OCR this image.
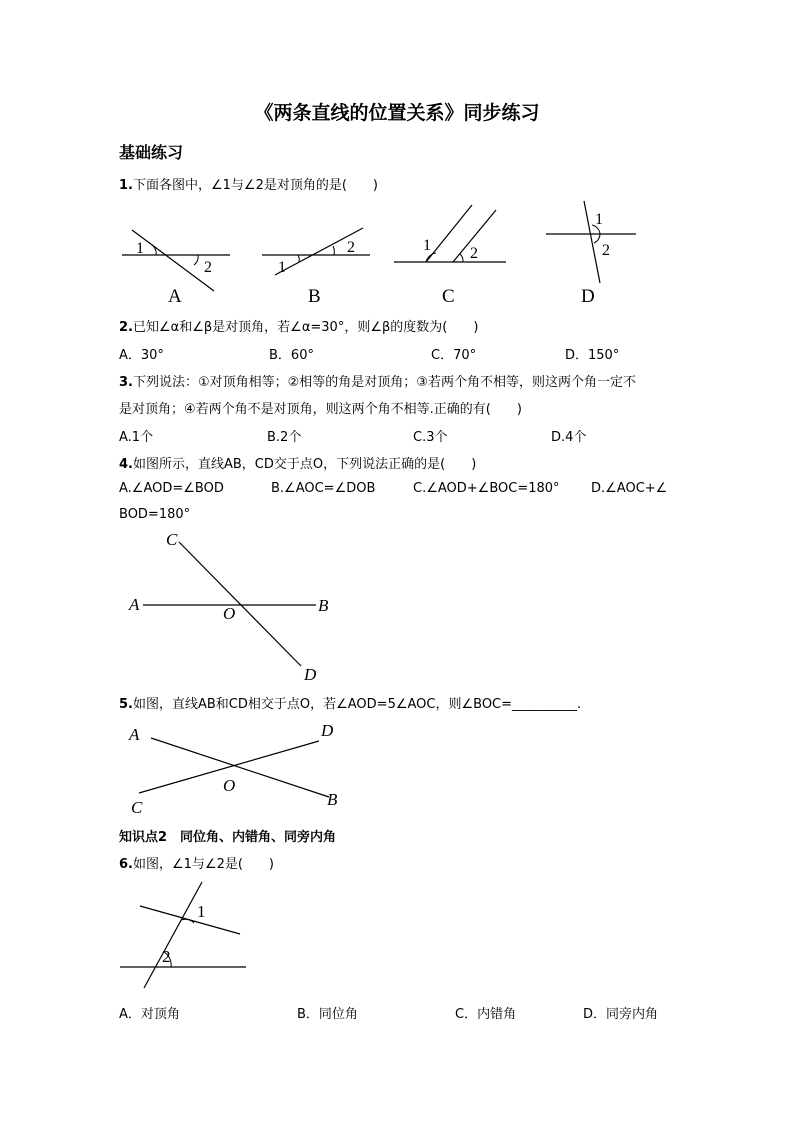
《两条直线的位置关系》同步练习
基础练习
1.下面各图中，∠1与∠2是对顶角的是(　　)
1
2
A
2
1
B
1 2
C
1
2
D
2.已知∠α和∠β是对顶角，若∠α=30°，则∠β的度数为(　　)
A．30°	B．60°	C．70°	D．150°
3.下列说法：①对顶角相等；②相等的角是对顶角；③若两个角不相等，则这两个角一定不
是对顶角；④若两个角不是对顶角，则这两个角不相等.正确的有(　　)
A.1个	B.2个	C.3个	D.4个
4.如图所示，直线AB，CD交于点O，下列说法正确的是(　　)
A.∠AOD=∠BOD	B.∠AOC=∠DOB	C.∠AOD+∠BOC=180° D.∠AOC+∠
BOD=180°
C
A	B
O
D
5.如图，直线AB和CD相交于点O，若∠AOD=5∠AOC，则∠BOC=__________.
A	D
O
C	B
知识点2　同位角、内错角、同旁内角
6.如图，∠1与∠2是(　　)
1
2
A．对顶角	B．同位角	C．内错角	D．同旁内角
